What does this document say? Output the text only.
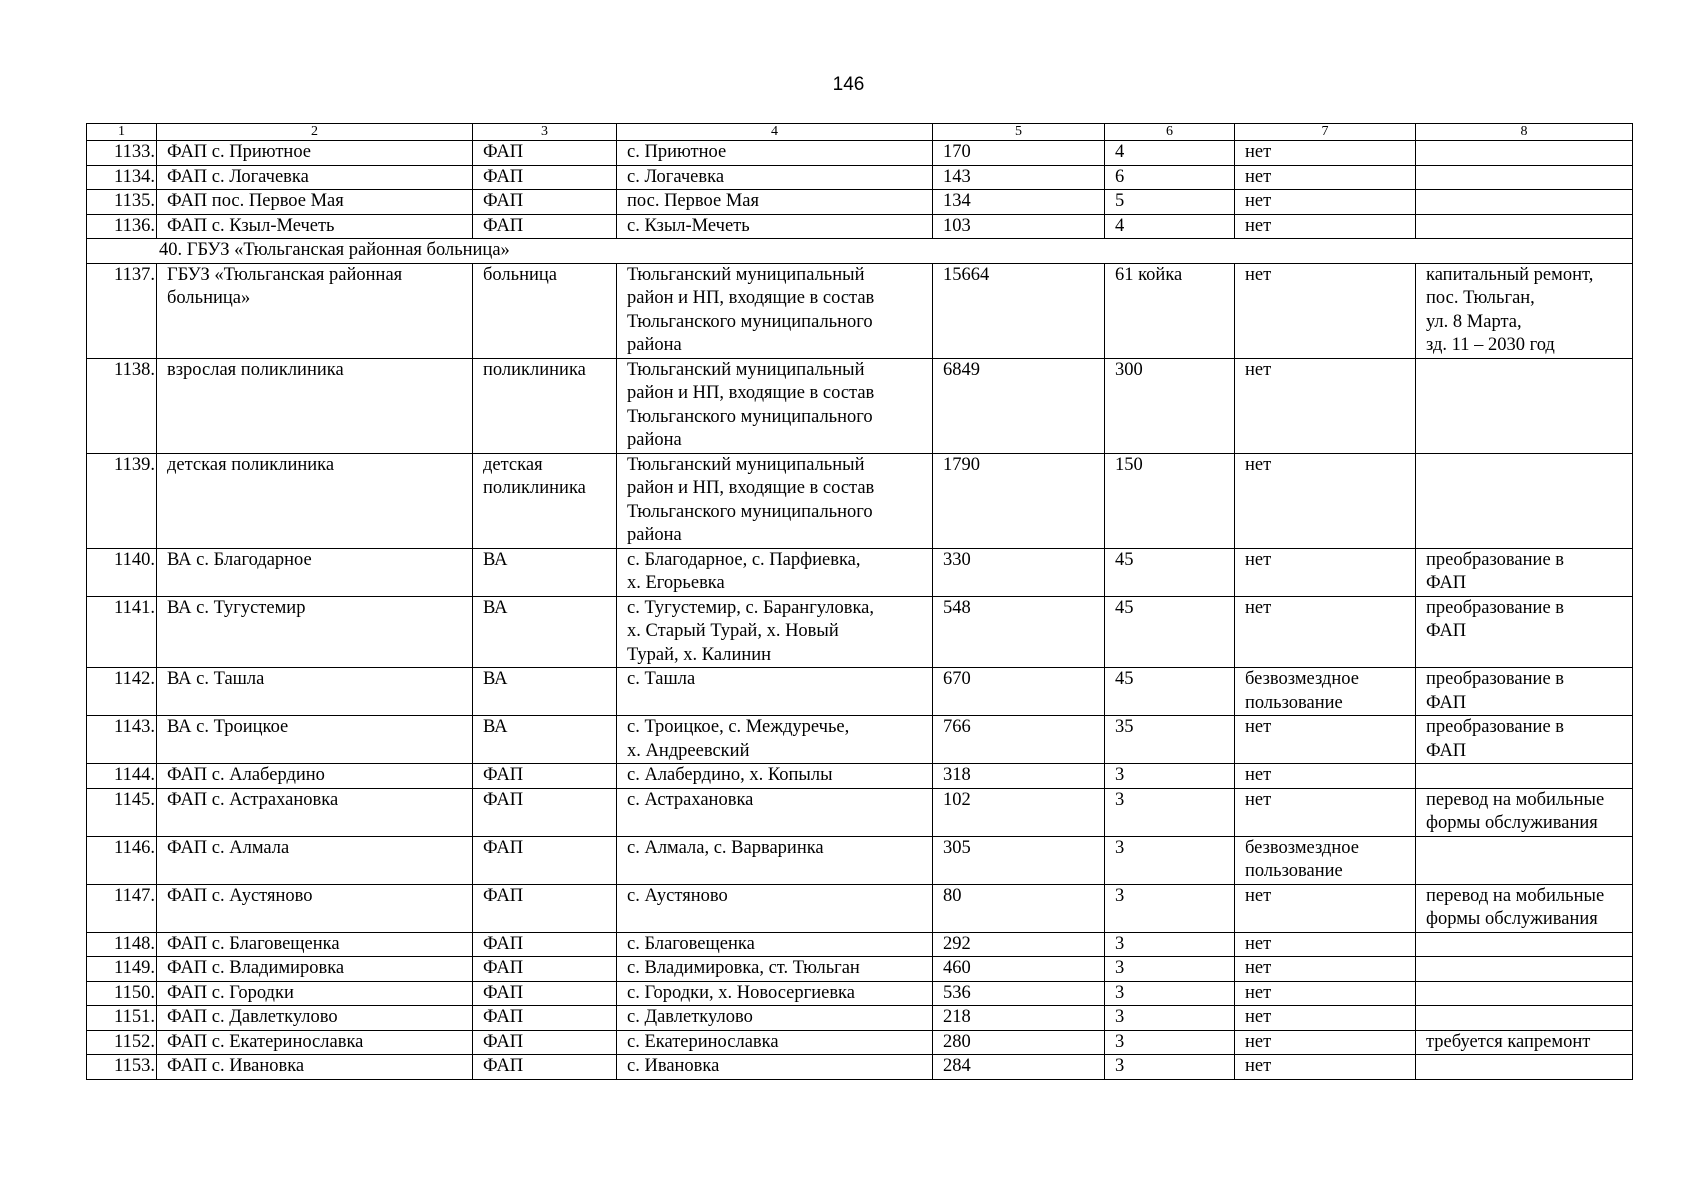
146
1	2	3	4	5	6	7	8
1133.	ФАП с. Приютное	ФАП	с. Приютное	170	4	нет	
1134.	ФАП с. Логачевка	ФАП	с. Логачевка	143	6	нет	
1135.	ФАП пос. Первое Мая	ФАП	пос. Первое Мая	134	5	нет	
1136.	ФАП с. Кзыл-Мечеть	ФАП	с. Кзыл-Мечеть	103	4	нет	
40. ГБУЗ «Тюльганская районная больница»							
1137.	ГБУЗ «Тюльганская районная
больница»	больница	Тюльганский муниципальный
район и НП, входящие в состав
Тюльганского муниципального
района	15664	61 койка	нет	капитальный ремонт,
пос. Тюльган,
ул. 8 Марта,
зд. 11 – 2030 год

1138.	взрослая поликлиника	поликлиника	Тюльганский муниципальный
район и НП, входящие в состав
Тюльганского муниципального
района	6849	300	нет	

1139.	детская поликлиника	детская
поликлиника	Тюльганский муниципальный
район и НП, входящие в состав
Тюльганского муниципального
района	1790	150	нет	

1140.	ВА с. Благодарное	ВА	с. Благодарное, с. Парфиевка,
х. Егорьевка	330	45	нет	преобразование в
ФАП

1141.	ВА с. Тугустемир	ВА	с. Тугустемир, с. Барангуловка,
х. Старый Турай, х. Новый
Турай, х. Калинин	548	45	нет	преобразование в
ФАП

1142.	ВА с. Ташла	ВА	с. Ташла	670	45	безвозмездное
пользование	преобразование в
ФАП

1143.	ВА с. Троицкое	ВА	с. Троицкое, с. Междуречье,
х. Андреевский	766	35	нет	преобразование в
ФАП

1144.	ФАП с. Алабердино	ФАП	с. Алабердино, х. Копылы	318	3	нет	

1145.	ФАП с. Астрахановка	ФАП	с. Астрахановка	102	3	нет	перевод на мобильные
формы обслуживания

1146.	ФАП с. Алмала	ФАП	с. Алмала, с. Варваринка	305	3	безвозмездное
пользование	

1147.	ФАП с. Аустяново	ФАП	с. Аустяново	80	3	нет	перевод на мобильные
формы обслуживания

1148.	ФАП с. Благовещенка	ФАП	с. Благовещенка	292	3	нет	

1149.	ФАП с. Владимировка	ФАП	с. Владимировка, ст. Тюльган	460	3	нет	

1150.	ФАП с. Городки	ФАП	с. Городки, х. Новосергиевка	536	3	нет	

1151.	ФАП с. Давлеткулово	ФАП	с. Давлеткулово	218	3	нет	

1152.	ФАП с. Екатеринославка	ФАП	с. Екатеринославка	280	3	нет	требуется капремонт

1153.	ФАП с. Ивановка	ФАП	с. Ивановка	284	3	нет	
